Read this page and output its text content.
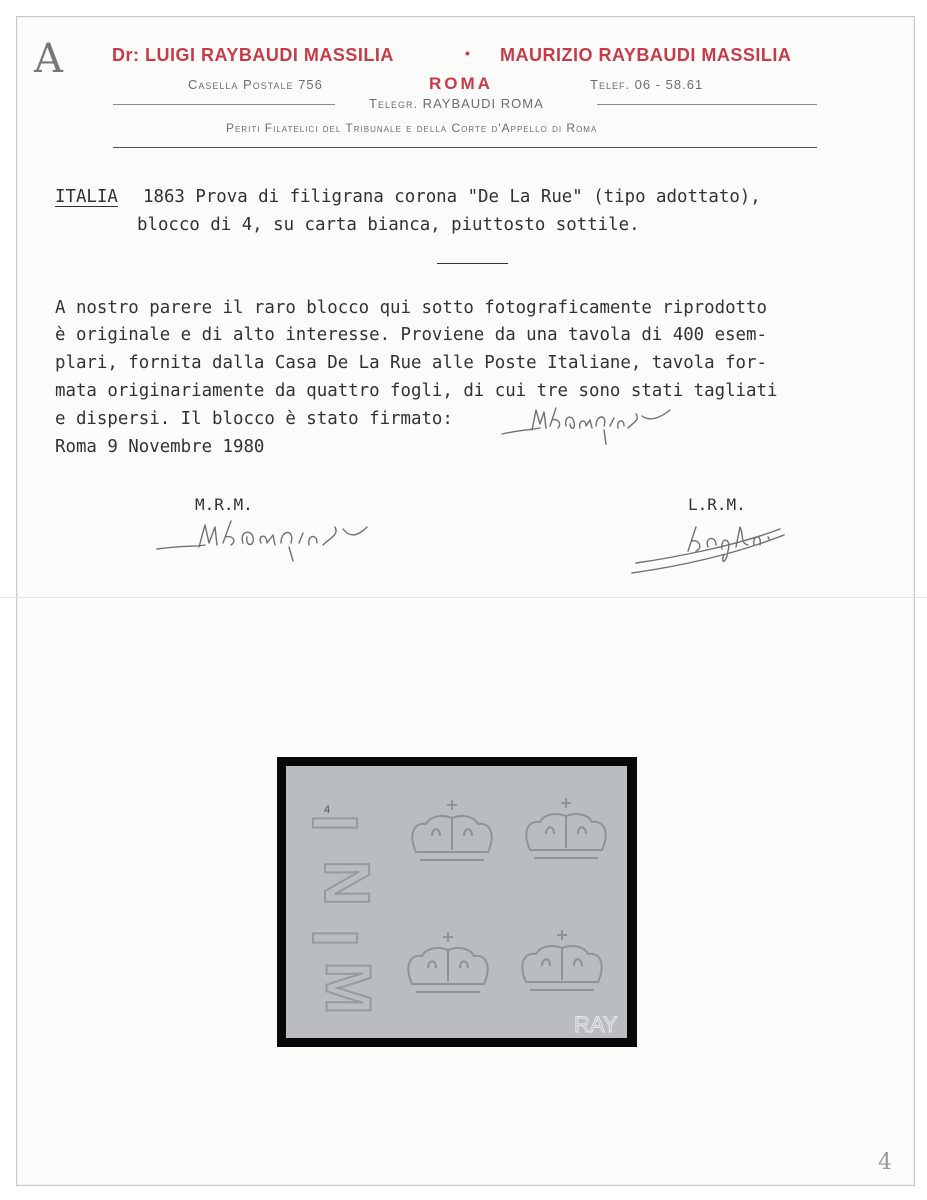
A	Dr: LUIGI RAYBAUDI MASSILIA	• MAURIZIO RAYBAUDI MASSILIA
Casella Postale 756	ROMA	Telef. 06 - 58.61
Telegr. RAYBAUDI ROMA
Periti Filatelici del Tribunale e della Corte d'Appello di Roma
ITALIA 1863 Prova di filigrana corona "De La Rue" (tipo adottato),
blocco di 4, su carta bianca, piuttosto sottile.
A nostro parere il raro blocco qui sotto fotograficamente riprodotto
è originale e di alto interesse. Proviene da una tavola di 400 esem-
plari, fornita dalla Casa De La Rue alle Poste Italiane, tavola for-
mata originariamente da quattro fogli, di cui tre sono stati tagliati
e dispersi. Il blocco è stato firmato:
Roma 9 Novembre 1980
M.R.M.	L.R.M.
4
I
N
I
M
RAY
4
